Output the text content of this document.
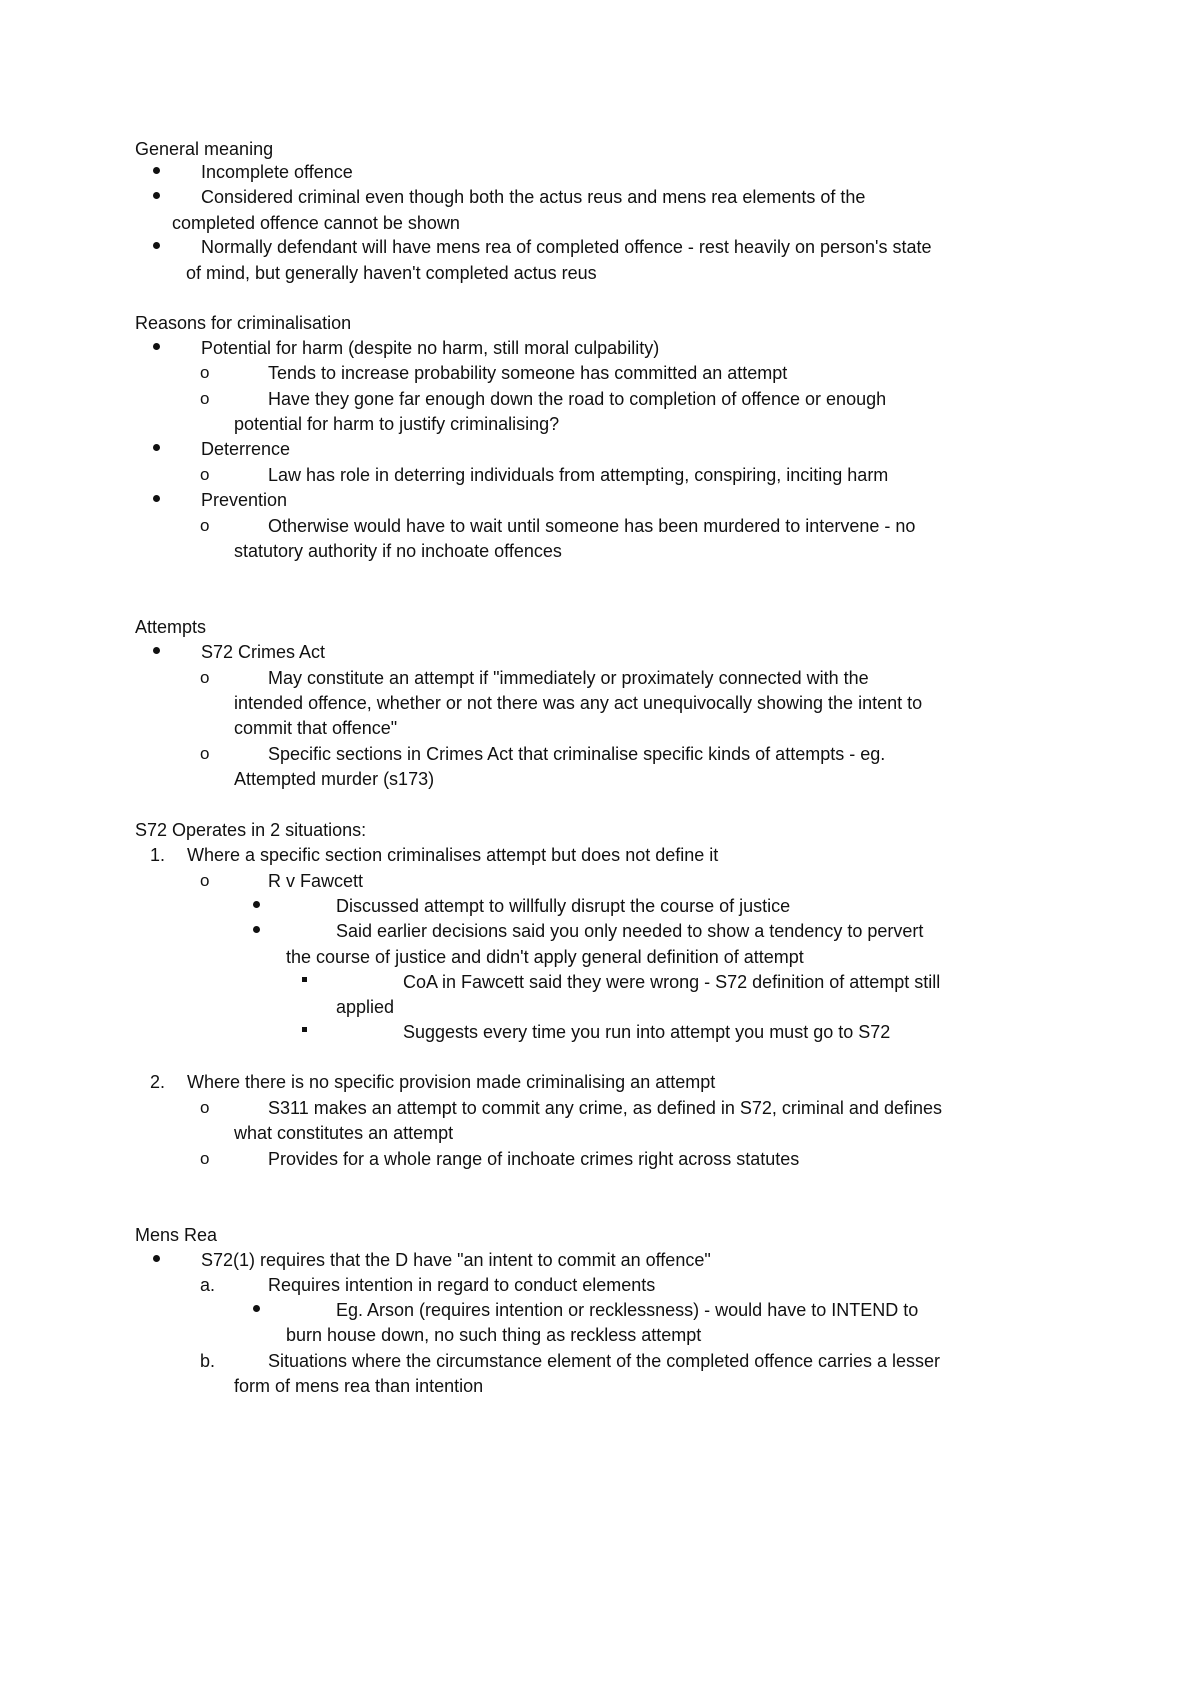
General meaning
Incomplete offence
Considered criminal even though both the actus reus and mens rea elements of the
completed offence cannot be shown
Normally defendant will have mens rea of completed offence - rest heavily on person's state
of mind, but generally haven't completed actus reus
Reasons for criminalisation
Potential for harm (despite no harm, still moral culpability)
o	Tends to increase probability someone has committed an attempt
o	Have they gone far enough down the road to completion of offence or enough
potential for harm to justify criminalising?
Deterrence
o	Law has role in deterring individuals from attempting, conspiring, inciting harm
Prevention
o	Otherwise would have to wait until someone has been murdered to intervene - no
statutory authority if no inchoate offences
Attempts
S72 Crimes Act
o	May constitute an attempt if "immediately or proximately connected with the
intended offence, whether or not there was any act unequivocally showing the intent to
commit that offence"
o	Specific sections in Crimes Act that criminalise specific kinds of attempts - eg.
Attempted murder (s173)
S72 Operates in 2 situations:
1. Where a specific section criminalises attempt but does not define it
o	R v Fawcett
Discussed attempt to willfully disrupt the course of justice
Said earlier decisions said you only needed to show a tendency to pervert
the course of justice and didn't apply general definition of attempt
CoA in Fawcett said they were wrong - S72 definition of attempt still
applied
Suggests every time you run into attempt you must go to S72
2. Where there is no specific provision made criminalising an attempt
o	S311 makes an attempt to commit any crime, as defined in S72, criminal and defines
what constitutes an attempt
o	Provides for a whole range of inchoate crimes right across statutes
Mens Rea
S72(1) requires that the D have "an intent to commit an offence"
a.	Requires intention in regard to conduct elements
Eg. Arson (requires intention or recklessness) - would have to INTEND to
burn house down, no such thing as reckless attempt
b.	Situations where the circumstance element of the completed offence carries a lesser
form of mens rea than intention
